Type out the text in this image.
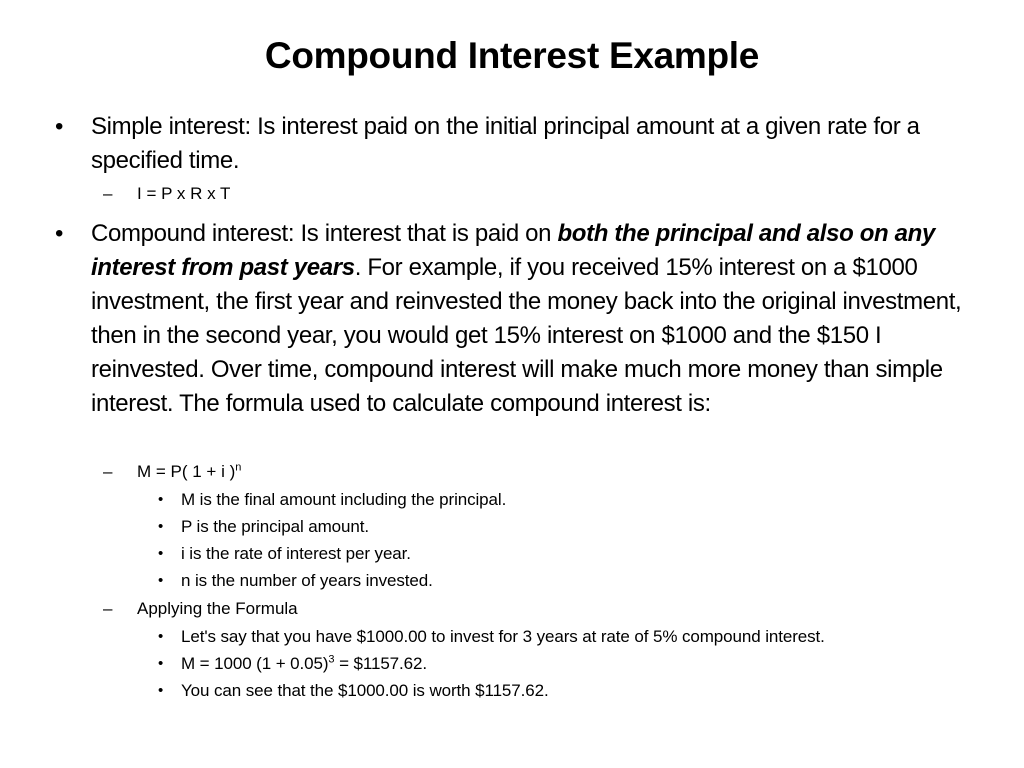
Compound Interest Example
• Simple interest: Is interest paid on the initial principal amount at a given rate for a specified time.
– I = P x R x T
• Compound interest: Is interest that is paid on both the principal and also on any interest from past years. For example, if you received 15% interest on a $1000 investment, the first year and reinvested the money back into the original investment, then in the second year, you would get 15% interest on $1000 and the $150 I reinvested. Over time, compound interest will make much more money than simple interest. The formula used to calculate compound interest is:
– M = P( 1 + i )$^n$
• M is the final amount including the principal.
• P is the principal amount.
• i is the rate of interest per year.
• n is the number of years invested.
– Applying the Formula
• Let's say that you have $1000.00 to invest for 3 years at rate of 5% compound interest.
• M = 1000 $(1 + 0.05)^3$ = $1157.62.
• You can see that the $1000.00 is worth $1157.62.
